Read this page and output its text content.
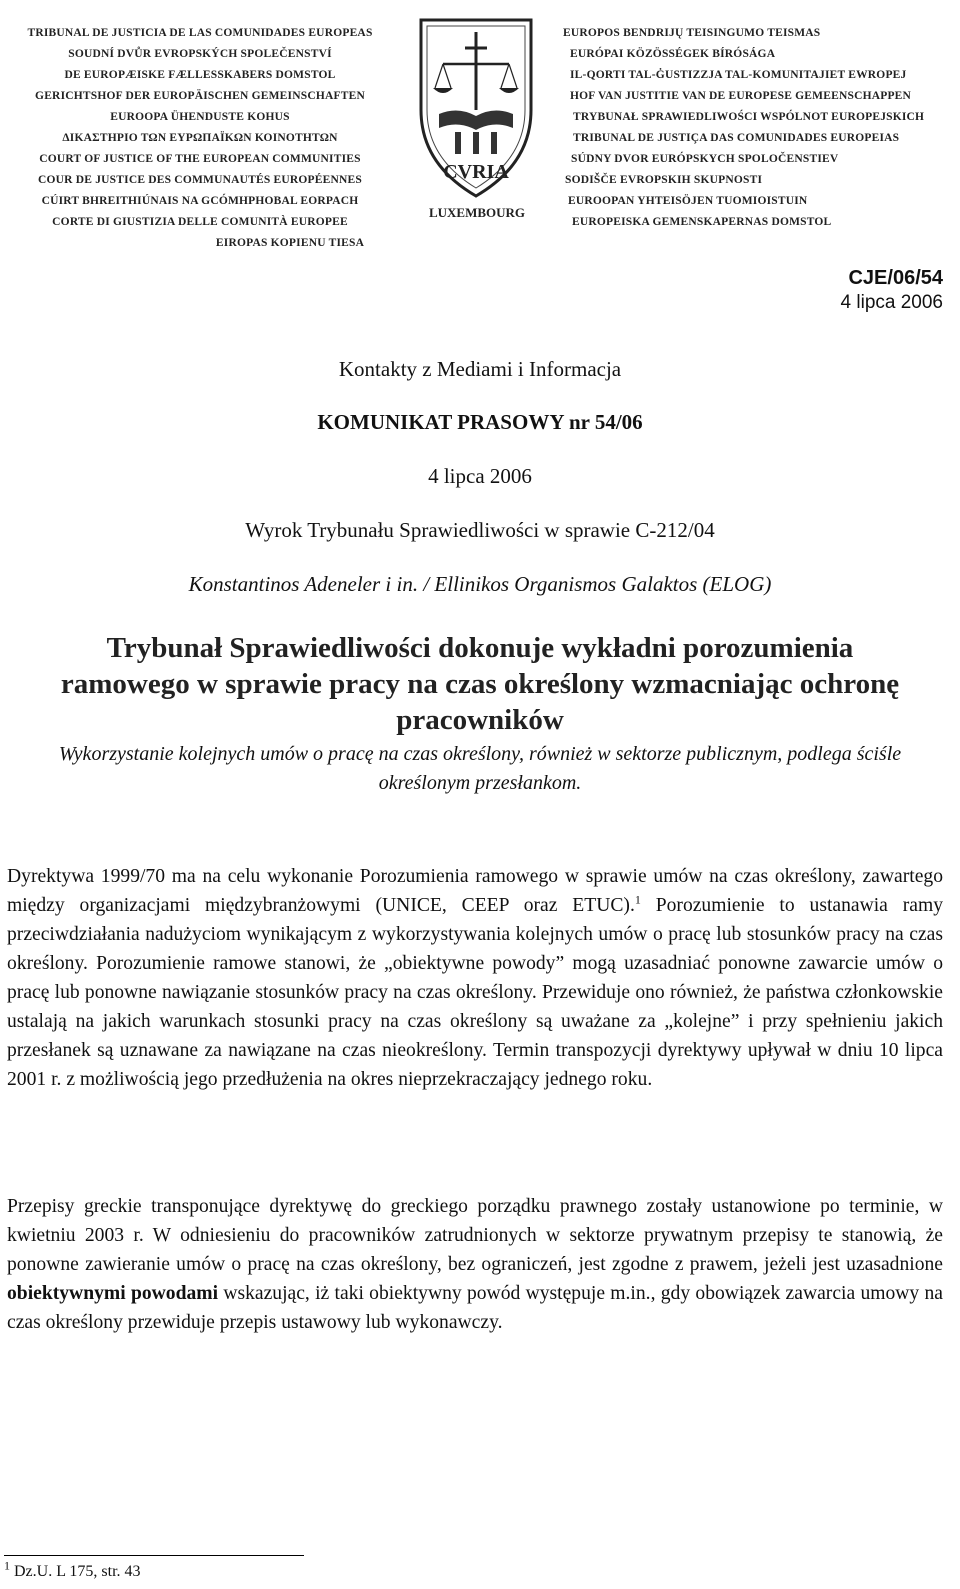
TRIBUNAL DE JUSTICIA DE LAS COMUNIDADES EUROPEAS
SOUDNÍ DVŮR EVROPSKÝCH SPOLEČENSTVÍ
DE EUROPÆISKE FÆLLESSKABERS DOMSTOL
GERICHTSHOF DER EUROPÄISCHEN GEMEINSCHAFTEN
EUROOPA ÜHENDUSTE KOHUS
ΔΙΚΑΣΤΗΡΙΟ ΤΩΝ ΕΥΡΩΠΑΪΚΩΝ ΚΟΙΝΟΤΗΤΩΝ
COURT OF JUSTICE OF THE EUROPEAN COMMUNITIES
COUR DE JUSTICE DES COMMUNAUTÉS EUROPÉENNES
CÚIRT BHREITHIÚNAIS NA GCÓMHPHOBAL EORPACH
CORTE DI GIUSTIZIA DELLE COMUNITÀ EUROPEE
EIROPAS KOPIENU TIESA
EUROPOS BENDRIJŲ TEISINGUMO TEISMAS
EURÓPAI KÖZÖSSÉGEK BÍRÓSÁGA
IL-QORTI TAL-ĠUSTIZZJA TAL-KOMUNITAJIET EWROPEJ
HOF VAN JUSTITIE VAN DE EUROPESE GEMEENSCHAPPEN
TRYBUNAŁ SPRAWIEDLIWOŚCI WSPÓLNOT EUROPEJSKICH
TRIBUNAL DE JUSTIÇA DAS COMUNIDADES EUROPEIAS
SÚDNY DVOR EURÓPSKYCH SPOLOČENSTIEV
SODIŠČE EVROPSKIH SKUPNOSTI
EUROOPAN YHTEISÖJEN TUOMIOISTUIN
EUROPEISKA GEMENSKAPERNAS DOMSTOL
CVRIA
LUXEMBOURG
CJE/06/54
4 lipca 2006
Kontakty z Mediami i Informacja
KOMUNIKAT PRASOWY nr 54/06
4 lipca 2006
Wyrok Trybunału Sprawiedliwości w sprawie C-212/04
Konstantinos Adeneler i in. / Ellinikos Organismos Galaktos (ELOG)
Trybunał Sprawiedliwości dokonuje wykładni porozumienia ramowego w sprawie pracy na czas określony wzmacniając ochronę pracowników
Wykorzystanie kolejnych umów o pracę na czas określony, również w sektorze publicznym, podlega ściśle określonym przesłankom.
Dyrektywa 1999/70 ma na celu wykonanie Porozumienia ramowego w sprawie umów na czas określony, zawartego między organizacjami międzybranżowymi (UNICE, CEEP oraz ETUC).$^1$ Porozumienie to ustanawia ramy przeciwdziałania nadużyciom wynikającym z wykorzystywania kolejnych umów o pracę lub stosunków pracy na czas określony. Porozumienie ramowe stanowi, że „obiektywne powody” mogą uzasadniać ponowne zawarcie umów o pracę lub ponowne nawiązanie stosunków pracy na czas określony. Przewiduje ono również, że państwa członkowskie ustalają na jakich warunkach stosunki pracy na czas określony są uważane za „kolejne” i przy spełnieniu jakich przesłanek są uznawane za nawiązane na czas nieokreślony. Termin transpozycji dyrektywy upływał w dniu 10 lipca 2001 r. z możliwością jego przedłużenia na okres nieprzekraczający jednego roku.
Przepisy greckie transponujące dyrektywę do greckiego porządku prawnego zostały ustanowione po terminie, w kwietniu 2003 r. W odniesieniu do pracowników zatrudnionych w sektorze prywatnym przepisy te stanowią, że ponowne zawieranie umów o pracę na czas określony, bez ograniczeń, jest zgodne z prawem, jeżeli jest uzasadnione obiektywnymi powodami wskazując, iż taki obiektywny powód występuje m.in., gdy obowiązek zawarcia umowy na czas określony przewiduje przepis ustawowy lub wykonawczy.
$^1$ Dz.U. L 175, str. 43
